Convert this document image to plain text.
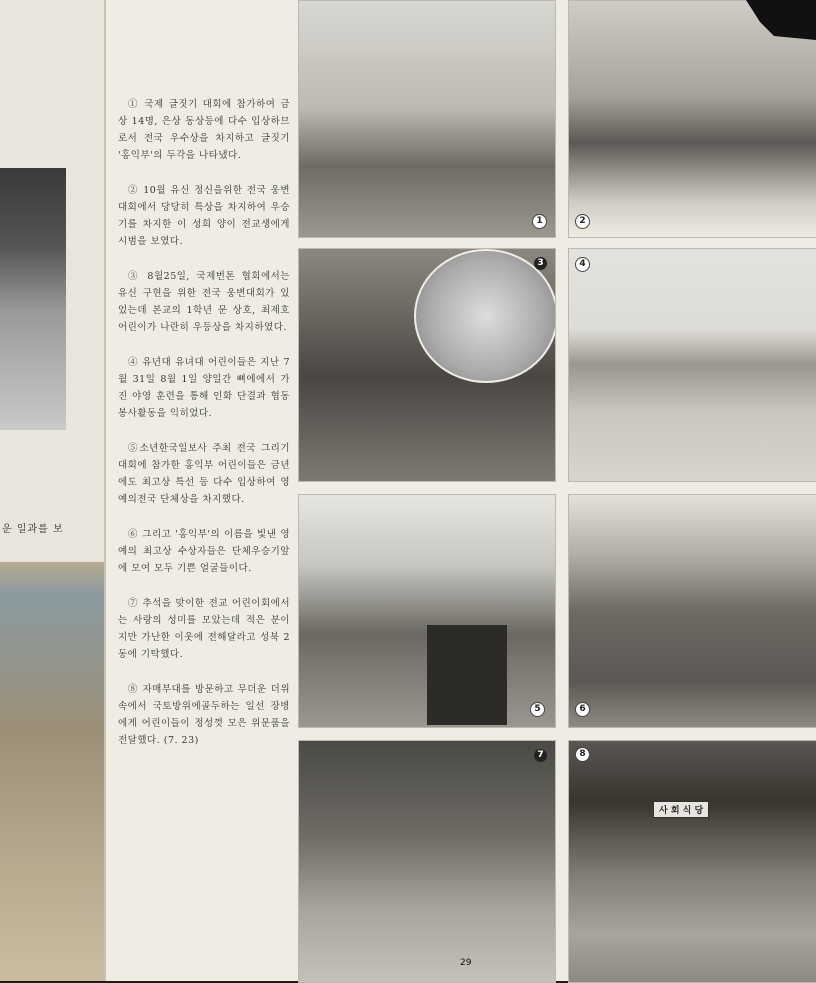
운 일과를 보

① 국제 글짓기 대회에 참가하여 금상 14명, 은상 동상등에 다수 입상하므로서 전국 우수상을 차지하고 글짓기 '홍익부'의 두각을 나타냈다.

② 10월 유신 정신을위한 전국 웅변 대회에서 당당히 특상을 차지하여 우승기를 차지한 이 성희 양이 전교생에게 시범을 보였다.

③ 8월25일, 국제번톤 협회에서는 유신 구현을 위한 전국 웅변대회가 있었는데 본교의 1학년 문 상호, 최제호 어린이가 나란히 우등상을 차지하였다.

④ 유년대 유녀대 어린이들은 지난 7월 31일 8월 1일 양일간 뼈에에서 가진 야영 훈련을 통해 인화 단결과 협동봉사활동을 익히었다.

⑤소년한국일보사 주최 전국 그리기 대회에 참가한 홍익부 어린이들은 금년에도 최고상 특선 등 다수 입상하여 영예의전국 단체상을 차지했다.

⑥ 그리고 '홍익부'의 이름을 빛낸 영예의 최고상 수상자들은 단체우승기앞에 모여 모두 기쁜 얼굴들이다.

⑦ 추석을 맞이한 전교 어린이회에서는 사랑의 성미를 모았는데 적은 분이지만 가난한 이웃에 전해달라고 성북 2동에 기탁했다.

⑧ 자매부대를 방문하고 무더운 더위속에서 국토방위에골두하는 일선 장병에게 어린이들이 정성껏 모은 위문품을 전달했다. (7. 23)

1	2
3	4
5	6
7
사 회 식 당
8
29
